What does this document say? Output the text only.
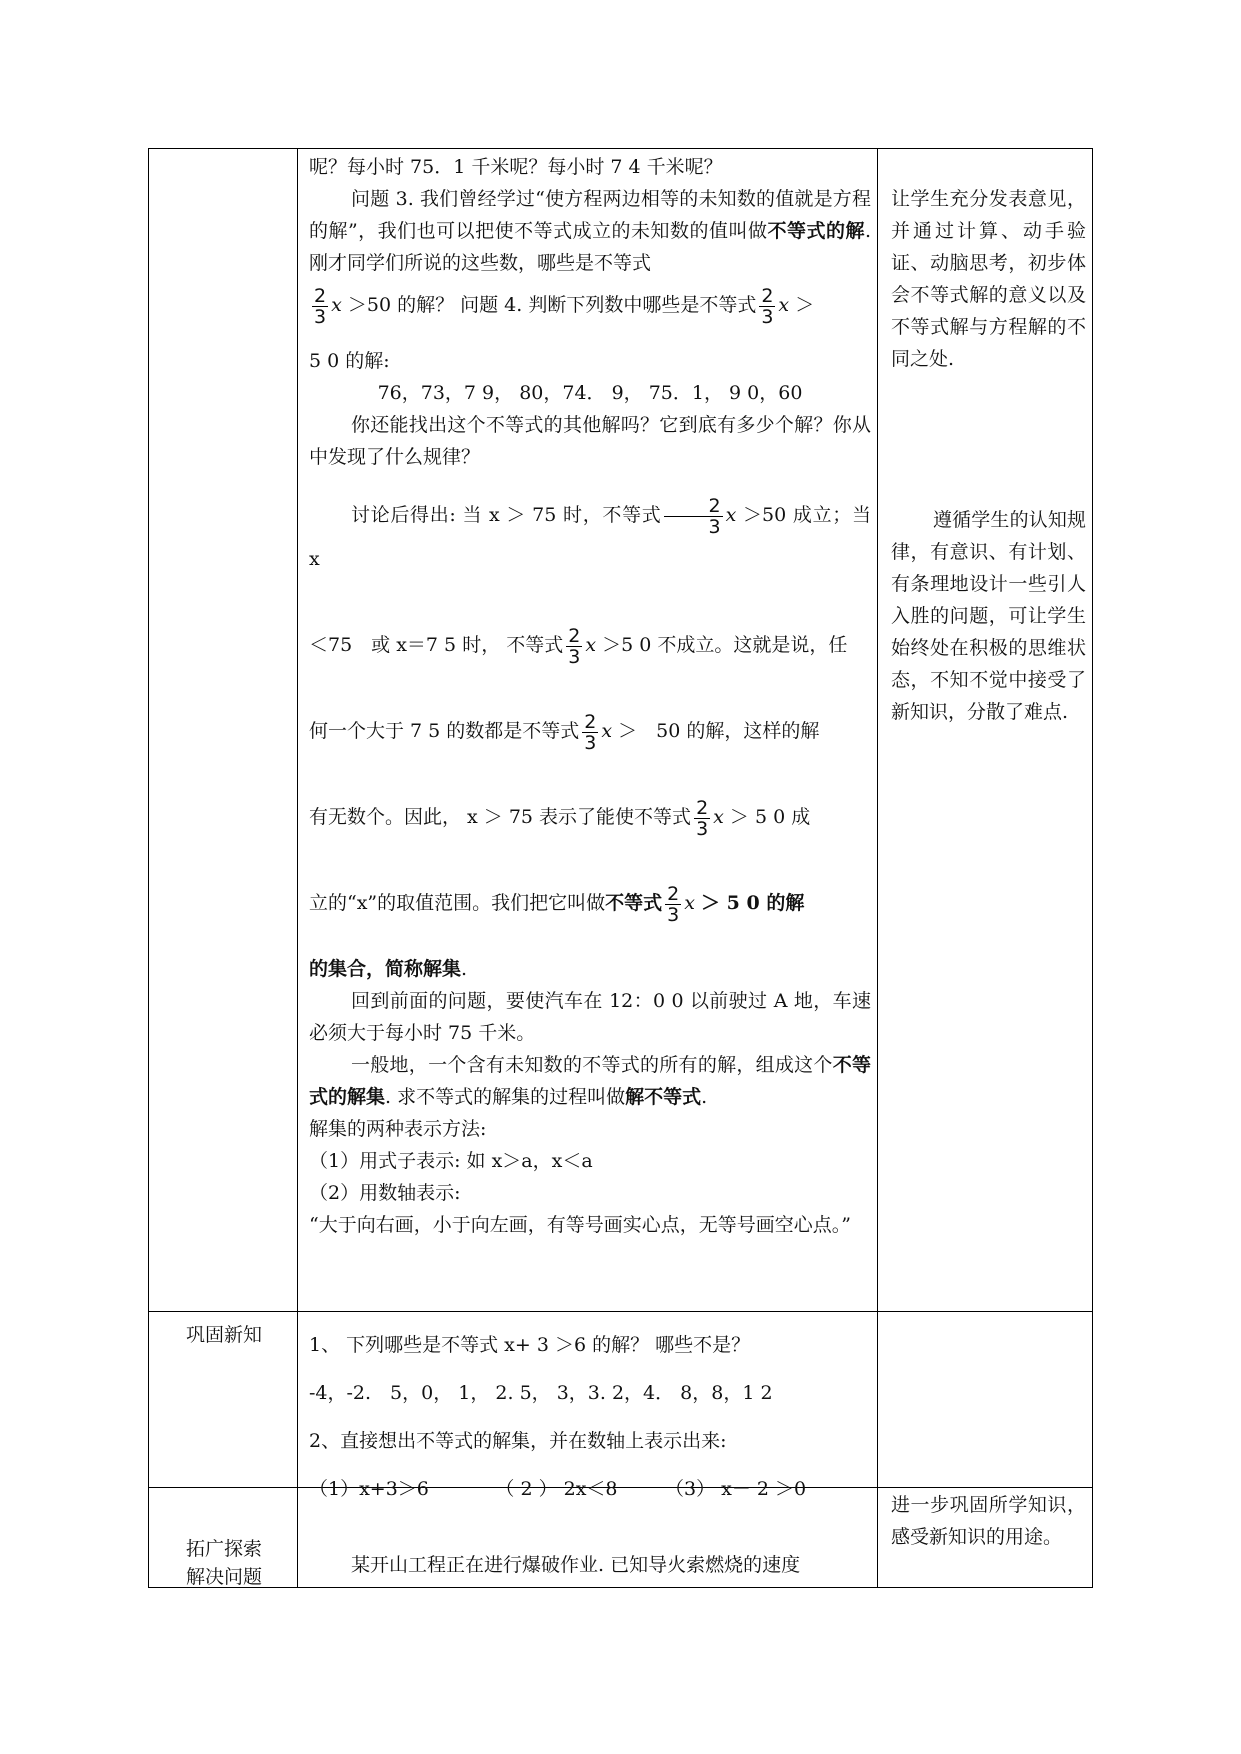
呢？每小时 75．1 千米呢？每小时 7 4 千米呢？

问题 3. 我们曾经学过“使方程两边相等的未知数的值就是方程的解”，我们也可以把使不等式成立的未知数的值叫做不等式的解. 刚才同学们所说的这些数，哪些是不等式

$\frac{2}{3}$ x ＞50 的解？ 问题 4. 判断下列数中哪些是不等式 $\frac{2}{3}$ x ＞

5 0 的解:

76，73，7 9， 80，74． 9， 75．1， 9 0，60

你还能找出这个不等式的其他解吗？它到底有多少个解？你从中发现了什么规律？

讨论后得出: 当 x ＞ 75 时，不等式 $\frac{2}{3}$ x ＞50 成立；当 x

＜75　或 x＝7 5 时， 不等式 $\frac{2}{3}$ x ＞5 0 不成立。这就是说，任

何一个大于 7 5 的数都是不等式 $\frac{2}{3}$ x ＞　50 的解，这样的解

有无数个。因此， x ＞ 75 表示了能使不等式 $\frac{2}{3}$ x ＞ 5 0 成

立的“x”的取值范围。我们把它叫做不等式 $\frac{2}{3}$ x ＞ 5 0 的解

的集合，简称解集.

回到前面的问题，要使汽车在 12：0 0 以前驶过 A 地，车速必须大于每小时 75 千米。

一般地，一个含有未知数的不等式的所有的解，组成这个不等式的解集. 求不等式的解集的过程叫做解不等式.

解集的两种表示方法:

（1）用式子表示: 如 x＞a，x＜a

（2）用数轴表示:

“大于向右画，小于向左画，有等号画实心点，无等号画空心点。”

让学生充分发表意见，并通过计算、动手验证、动脑思考，初步体会不等式解的意义以及不等式解与方程解的不同之处.

遵循学生的认知规律，有意识、有计划、有条理地设计一些引人入胜的问题，可让学生始终处在积极的思维状态，不知不觉中接受了新知识，分散了难点.

巩固新知	1、 下列哪些是不等式 x+ 3 ＞6 的解？ 哪些不是？

-4，-2.　5，0， 1， 2. 5， 3，3. 2，4． 8，8，1 2

2、直接想出不等式的解集，并在数轴上表示出来:

（1）x+3＞6　　　　（ 2 ） 2x＜8　　　（3） x－ 2 ＞0

拓广探索
解决问题

某开山工程正在进行爆破作业. 已知导火索燃烧的速度

进一步巩固所学知识，感受新知识的用途。
